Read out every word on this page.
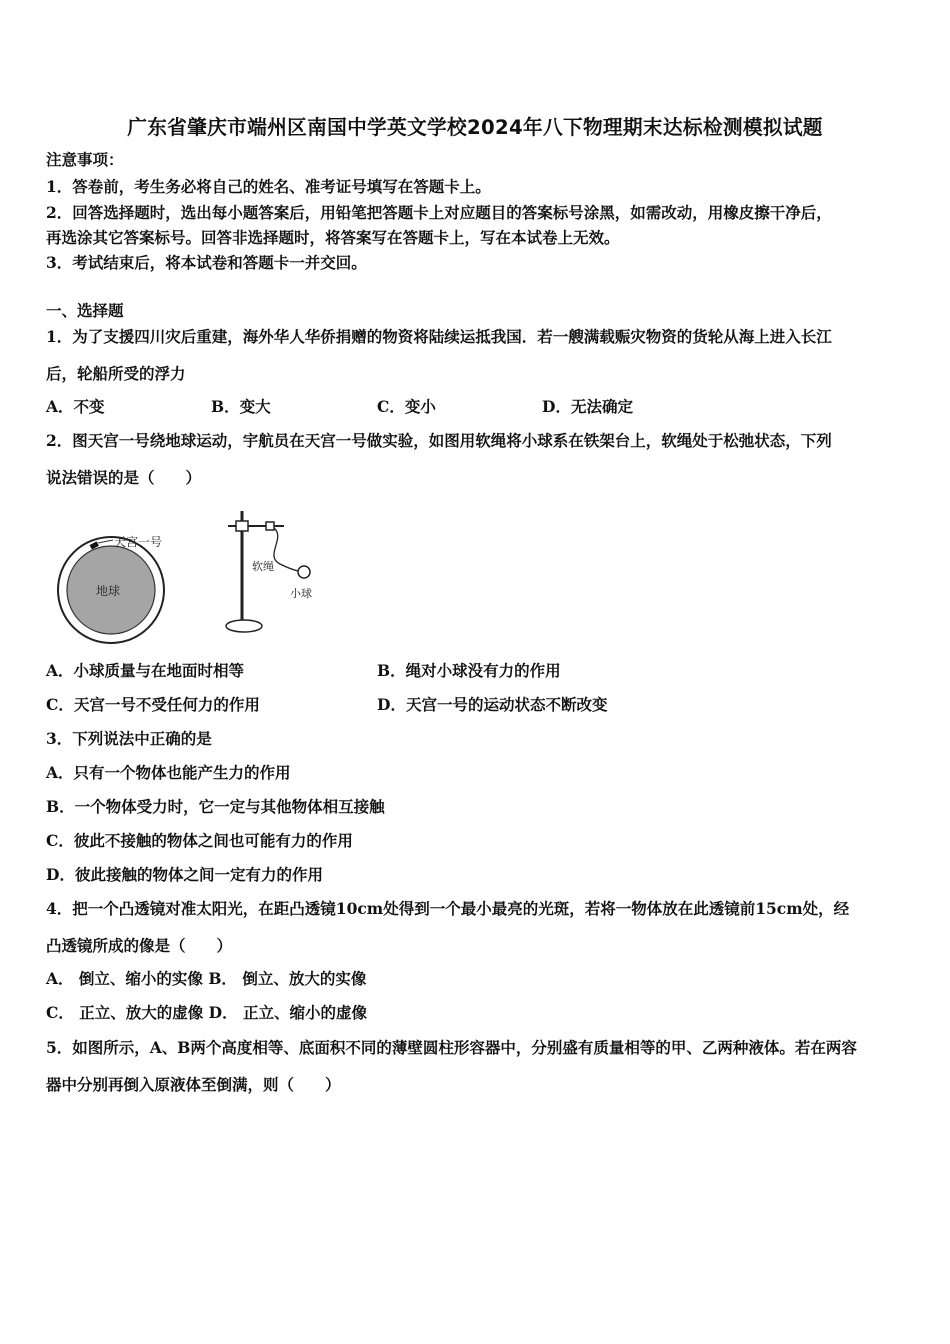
广东省肇庆市端州区南国中学英文学校2024年八下物理期末达标检测模拟试题
注意事项：
1．答卷前，考生务必将自己的姓名、准考证号填写在答题卡上。
2．回答选择题时，选出每小题答案后，用铅笔把答题卡上对应题目的答案标号涂黑，如需改动，用橡皮擦干净后，
再选涂其它答案标号。回答非选择题时，将答案写在答题卡上，写在本试卷上无效。
3．考试结束后，将本试卷和答题卡一并交回。
一、选择题
1．为了支援四川灾后重建，海外华人华侨捐赠的物资将陆续运抵我国．若一艘满载赈灾物资的货轮从海上进入长江
后，轮船所受的浮力
A．不变	B．变大	C．变小	D．无法确定
2．图天宫一号绕地球运动，宇航员在天宫一号做实验，如图用软绳将小球系在铁架台上，软绳处于松弛状态，下列
说法错误的是（　　）
天宫一号
地球
软绳
小球
A．小球质量与在地面时相等	B．绳对小球没有力的作用
C．天宫一号不受任何力的作用	D．天宫一号的运动状态不断改变
3．下列说法中正确的是
A．只有一个物体也能产生力的作用
B．一个物体受力时，它一定与其他物体相互接触
C．彼此不接触的物体之间也可能有力的作用
D．彼此接触的物体之间一定有力的作用
4．把一个凸透镜对准太阳光，在距凸透镜10cm处得到一个最小最亮的光斑，若将一物体放在此透镜前15cm处，经
凸透镜所成的像是（　　）
A． 倒立、缩小的实像 B． 倒立、放大的实像
C． 正立、放大的虚像 D． 正立、缩小的虚像
5．如图所示，A、B两个高度相等、底面积不同的薄壁圆柱形容器中，分别盛有质量相等的甲、乙两种液体。若在两容
器中分别再倒入原液体至倒满，则（　　）
